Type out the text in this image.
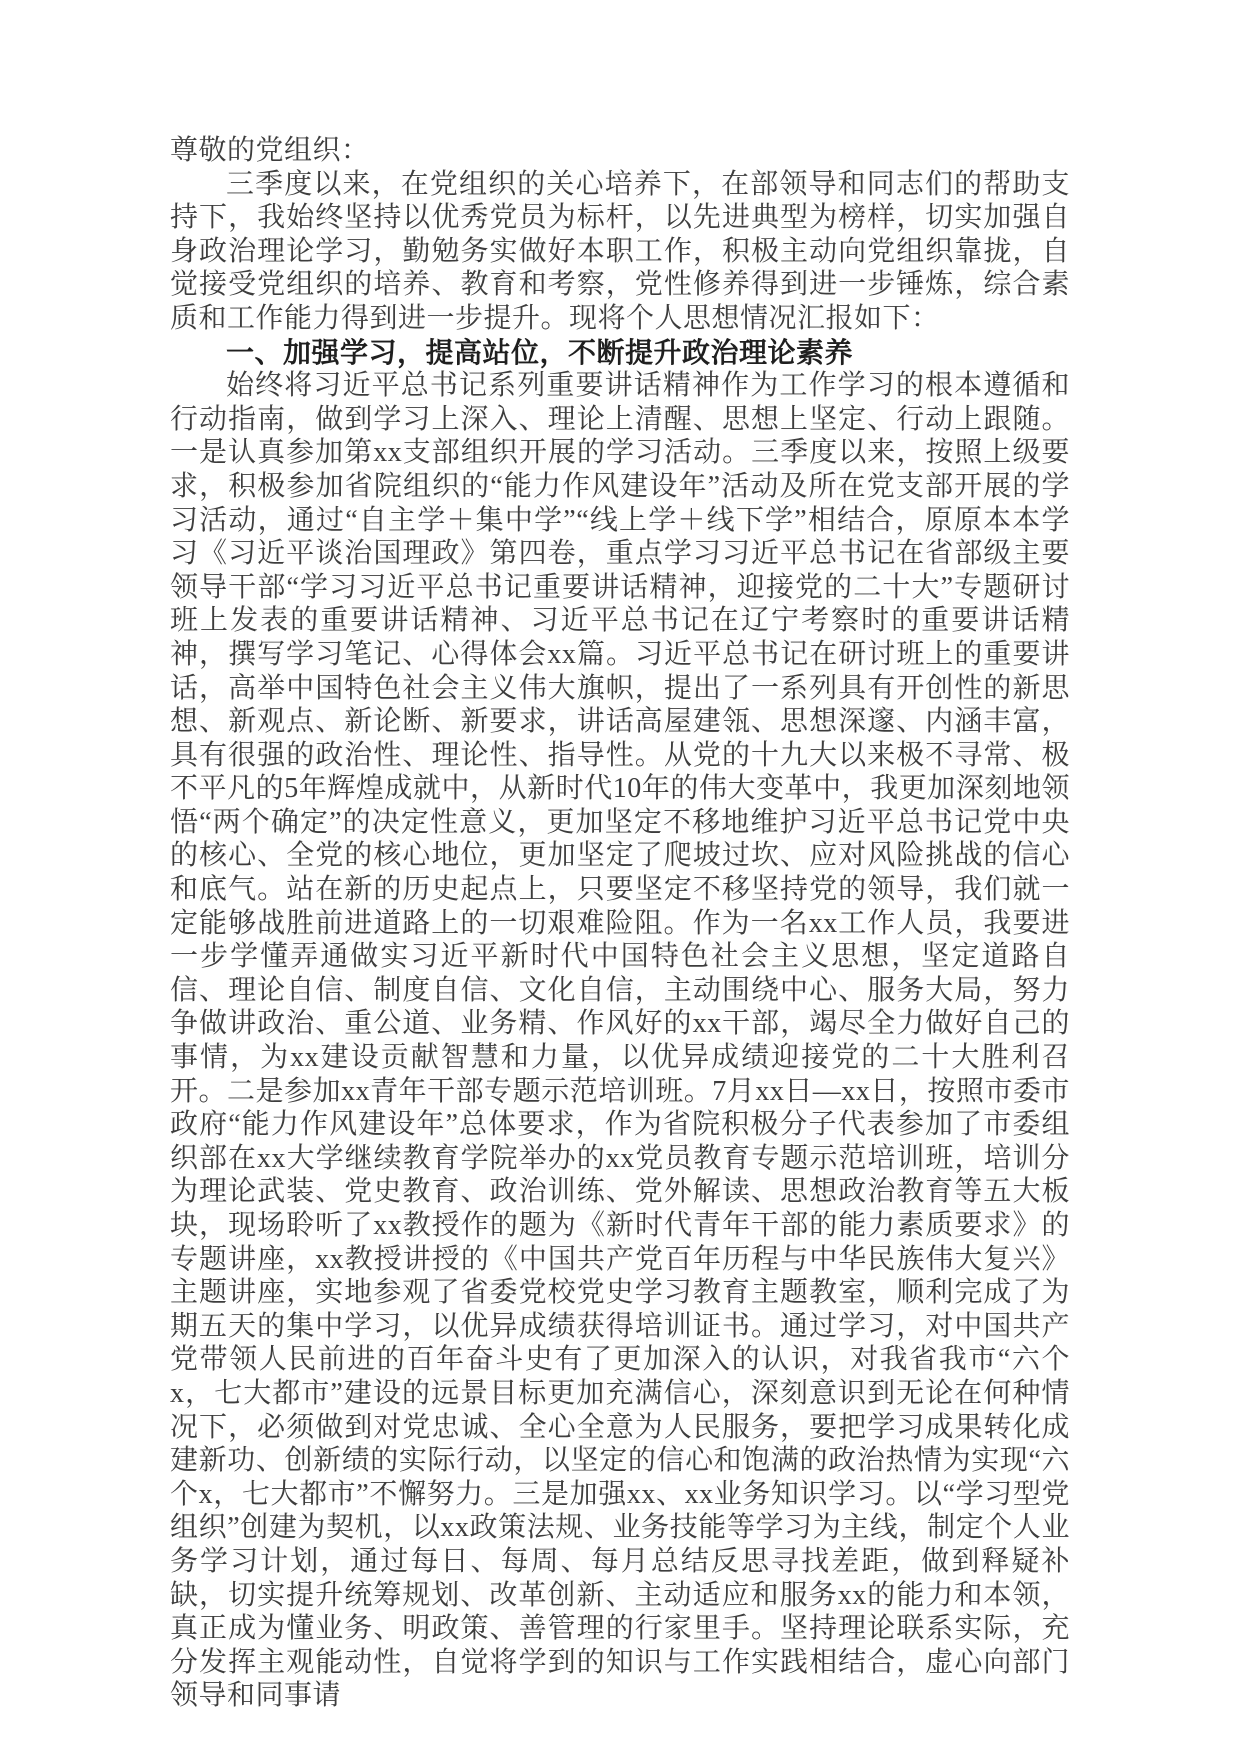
尊敬的党组织：

三季度以来，在党组织的关心培养下，在部领导和同志们的帮助支持下，我始终坚持以优秀党员为标杆，以先进典型为榜样，切实加强自身政治理论学习，勤勉务实做好本职工作，积极主动向党组织靠拢，自觉接受党组织的培养、教育和考察，党性修养得到进一步锤炼，综合素质和工作能力得到进一步提升。现将个人思想情况汇报如下：

一、加强学习，提高站位，不断提升政治理论素养

始终将习近平总书记系列重要讲话精神作为工作学习的根本遵循和行动指南，做到学习上深入、理论上清醒、思想上坚定、行动上跟随。一是认真参加第xx支部组织开展的学习活动。三季度以来，按照上级要求，积极参加省院组织的“能力作风建设年”活动及所在党支部开展的学习活动，通过“自主学＋集中学”“线上学＋线下学”相结合，原原本本学习《习近平谈治国理政》第四卷，重点学习习近平总书记在省部级主要领导干部“学习习近平总书记重要讲话精神，迎接党的二十大”专题研讨班上发表的重要讲话精神、习近平总书记在辽宁考察时的重要讲话精神，撰写学习笔记、心得体会xx篇。习近平总书记在研讨班上的重要讲话，高举中国特色社会主义伟大旗帜，提出了一系列具有开创性的新思想、新观点、新论断、新要求，讲话高屋建瓴、思想深邃、内涵丰富，具有很强的政治性、理论性、指导性。从党的十九大以来极不寻常、极不平凡的5年辉煌成就中，从新时代10年的伟大变革中，我更加深刻地领悟“两个确定”的决定性意义，更加坚定不移地维护习近平总书记党中央的核心、全党的核心地位，更加坚定了爬坡过坎、应对风险挑战的信心和底气。站在新的历史起点上，只要坚定不移坚持党的领导，我们就一定能够战胜前进道路上的一切艰难险阻。作为一名xx工作人员，我要进一步学懂弄通做实习近平新时代中国特色社会主义思想，坚定道路自信、理论自信、制度自信、文化自信，主动围绕中心、服务大局，努力争做讲政治、重公道、业务精、作风好的xx干部，竭尽全力做好自己的事情，为xx建设贡献智慧和力量，以优异成绩迎接党的二十大胜利召开。二是参加xx青年干部专题示范培训班。7月xx日—xx日，按照市委市政府“能力作风建设年”总体要求，作为省院积极分子代表参加了市委组织部在xx大学继续教育学院举办的xx党员教育专题示范培训班，培训分为理论武装、党史教育、政治训练、党外解读、思想政治教育等五大板块，现场聆听了xx教授作的题为《新时代青年干部的能力素质要求》的专题讲座，xx教授讲授的《中国共产党百年历程与中华民族伟大复兴》主题讲座，实地参观了省委党校党史学习教育主题教室，顺利完成了为期五天的集中学习，以优异成绩获得培训证书。通过学习，对中国共产党带领人民前进的百年奋斗史有了更加深入的认识，对我省我市“六个x，七大都市”建设的远景目标更加充满信心，深刻意识到无论在何种情况下，必须做到对党忠诚、全心全意为人民服务，要把学习成果转化成建新功、创新绩的实际行动，以坚定的信心和饱满的政治热情为实现“六个x，七大都市”不懈努力。三是加强xx、xx业务知识学习。以“学习型党组织”创建为契机，以xx政策法规、业务技能等学习为主线，制定个人业务学习计划，通过每日、每周、每月总结反思寻找差距，做到释疑补缺，切实提升统筹规划、改革创新、主动适应和服务xx的能力和本领，真正成为懂业务、明政策、善管理的行家里手。坚持理论联系实际，充分发挥主观能动性，自觉将学到的知识与工作实践相结合，虚心向部门领导和同事请
